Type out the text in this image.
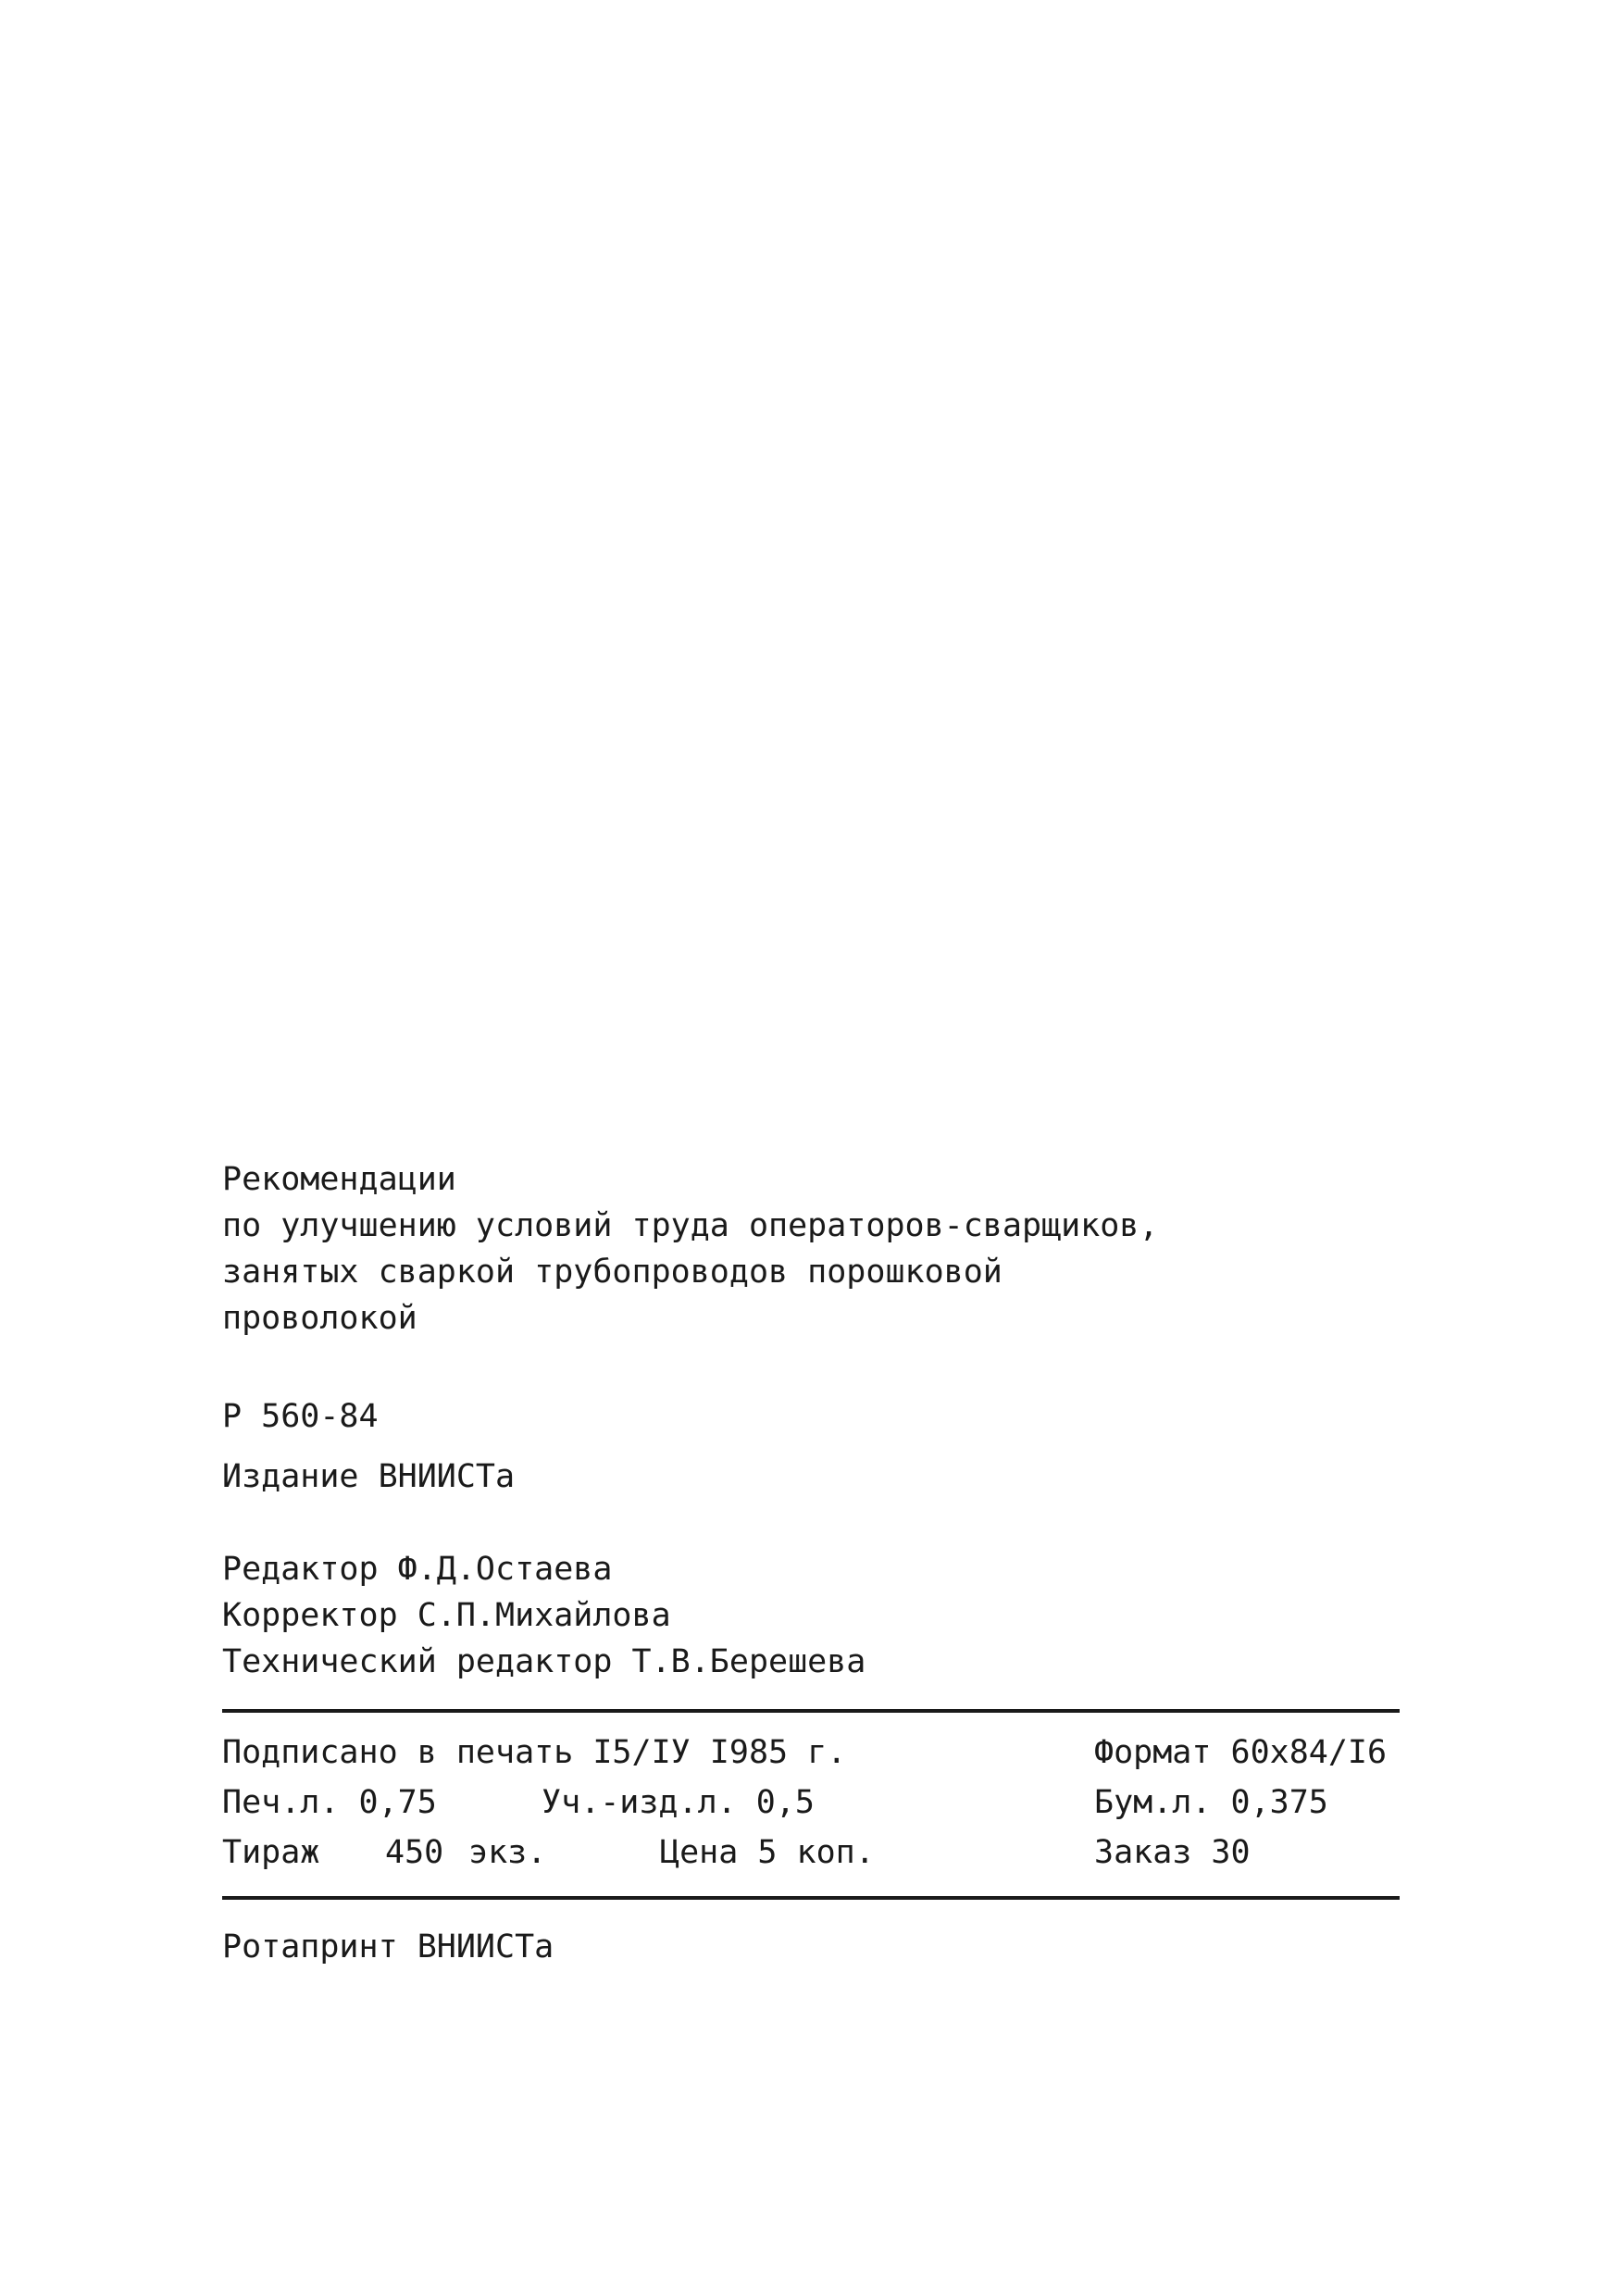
Рекомендации
по улучшению условий труда операторов-сварщиков,
занятых сваркой трубопроводов порошковой
проволокой
Р 560-84
Издание ВНИИСТа
Редактор Ф.Д.Остаева
Корректор С.П.Михайлова
Технический редактор Т.В.Берешева
Подписано в печать I5/IУ I985 г.	Формат 60х84/I6
Печ.л. 0,75	Уч.-изд.л. 0,5	Бум.л. 0,375
Тираж 450 экз.	Цена 5 коп.	Заказ 30
Ротапринт ВНИИСТа
